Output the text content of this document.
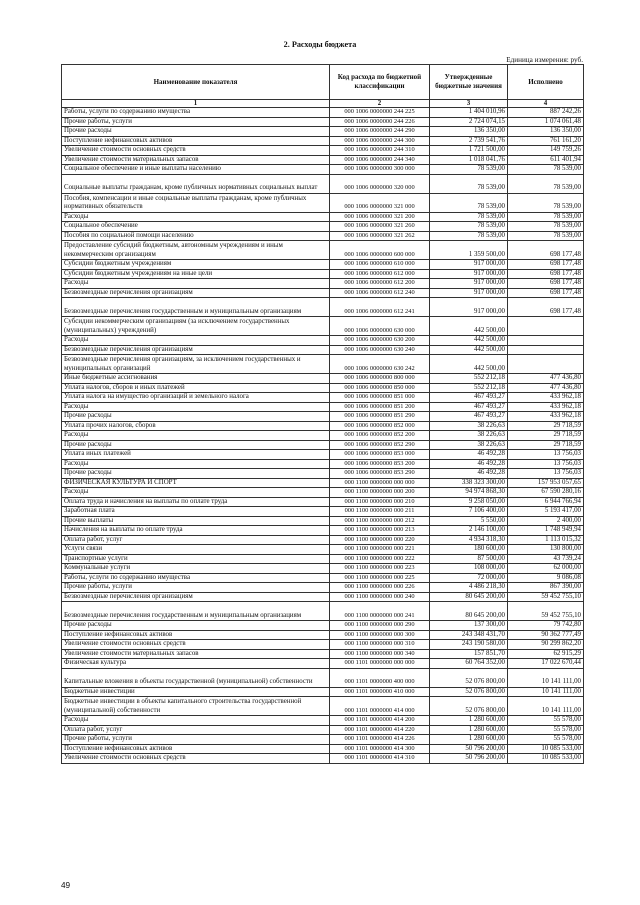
2. Расходы бюджета
Единица измерения: руб.
Наименование показателя	Код расхода по бюджетной классификации	Утвержденные бюджетные значения	Исполнено
1	2	3	4
Работы, услуги по содержанию имущества	000 1006 0000000 244 225	1 404 010,96	887 242,26
Прочие работы, услуги	000 1006 0000000 244 226	2 724 074,15	1 074 061,48
Прочие расходы	000 1006 0000000 244 290	136 350,00	136 350,00
Поступление нефинансовых активов	000 1006 0000000 244 300	2 739 541,76	761 161,20
Увеличение стоимости основных средств	000 1006 0000000 244 310	1 721 500,00	149 759,26
Увеличение стоимости материальных запасов	000 1006 0000000 244 340	1 018 041,76	611 401,94
Социальное обеспечение и иные выплаты населению	000 1006 0000000 300 000	78 539,00	78 539,00
Социальные выплаты гражданам, кроме публичных нормативных социальных выплат	000 1006 0000000 320 000	78 539,00	78 539,00
Пособия, компенсации и иные социальные выплаты гражданам, кроме публичных нормативных обязательств	000 1006 0000000 321 000	78 539,00	78 539,00
Расходы	000 1006 0000000 321 200	78 539,00	78 539,00
Социальное обеспечение	000 1006 0000000 321 260	78 539,00	78 539,00
Пособия по социальной помощи населению	000 1006 0000000 321 262	78 539,00	78 539,00
Предоставление субсидий бюджетным, автономным учреждениям и иным некоммерческим организациям	000 1006 0000000 600 000	1 359 500,00	698 177,48
Субсидии бюджетным учреждениям	000 1006 0000000 610 000	917 000,00	698 177,48
Субсидии бюджетным учреждениям на иные цели	000 1006 0000000 612 000	917 000,00	698 177,48
Расходы	000 1006 0000000 612 200	917 000,00	698 177,48
Безвозмездные перечисления организациям	000 1006 0000000 612 240	917 000,00	698 177,48
Безвозмездные перечисления государственным и муниципальным организациям	000 1006 0000000 612 241	917 000,00	698 177,48
Субсидии некоммерческим организациям (за исключением государственных (муниципальных) учреждений)	000 1006 0000000 630 000	442 500,00	
Расходы	000 1006 0000000 630 200	442 500,00	
Безвозмездные перечисления организациям	000 1006 0000000 630 240	442 500,00	
Безвозмездные перечисления организациям, за исключением государственных и муниципальных организаций	000 1006 0000000 630 242	442 500,00	
Иные бюджетные ассигнования	000 1006 0000000 800 000	552 212,18	477 436,80
Уплата налогов, сборов и иных платежей	000 1006 0000000 850 000	552 212,18	477 436,80
Уплата налога на имущество организаций и земельного налога	000 1006 0000000 851 000	467 493,27	433 962,18
Расходы	000 1006 0000000 851 200	467 493,27	433 962,18
Прочие расходы	000 1006 0000000 851 290	467 493,27	433 962,18
Уплата прочих налогов, сборов	000 1006 0000000 852 000	38 226,63	29 718,59
Расходы	000 1006 0000000 852 200	38 226,63	29 718,59
Прочие расходы	000 1006 0000000 852 290	38 226,63	29 718,59
Уплата иных платежей	000 1006 0000000 853 000	46 492,28	13 756,03
Расходы	000 1006 0000000 853 200	46 492,28	13 756,03
Прочие расходы	000 1006 0000000 853 290	46 492,28	13 756,03
ФИЗИЧЕСКАЯ КУЛЬТУРА И СПОРТ	000 1100 0000000 000 000	338 323 300,00	157 953 057,65
Расходы	000 1100 0000000 000 200	94 974 868,30	67 590 280,16
Оплата труда и начисления на выплаты по оплате труда	000 1100 0000000 000 210	9 258 050,00	6 944 766,94
Заработная плата	000 1100 0000000 000 211	7 106 400,00	5 193 417,00
Прочие выплаты	000 1100 0000000 000 212	5 550,00	2 400,00
Начисления на выплаты по оплате труда	000 1100 0000000 000 213	2 146 100,00	1 748 949,94
Оплата работ, услуг	000 1100 0000000 000 220	4 934 318,30	1 113 015,32
Услуги связи	000 1100 0000000 000 221	180 600,00	130 800,00
Транспортные услуги	000 1100 0000000 000 222	87 500,00	43 739,24
Коммунальные услуги	000 1100 0000000 000 223	108 000,00	62 000,00
Работы, услуги по содержанию имущества	000 1100 0000000 000 225	72 000,00	9 086,08
Прочие работы, услуги	000 1100 0000000 000 226	4 486 218,30	867 390,00
Безвозмездные перечисления организациям	000 1100 0000000 000 240	80 645 200,00	59 452 755,10
Безвозмездные перечисления государственным и муниципальным организациям	000 1100 0000000 000 241	80 645 200,00	59 452 755,10
Прочие расходы	000 1100 0000000 000 290	137 300,00	79 742,80
Поступление нефинансовых активов	000 1100 0000000 000 300	243 348 431,70	90 362 777,49
Увеличение стоимости основных средств	000 1100 0000000 000 310	243 190 580,00	90 299 862,20
Увеличение стоимости материальных запасов	000 1100 0000000 000 340	157 851,70	62 915,29
Физическая культура	000 1101 0000000 000 000	60 764 352,00	17 022 670,44
Капитальные вложения в объекты государственной (муниципальной) собственности	000 1101 0000000 400 000	52 076 800,00	10 141 111,00
Бюджетные инвестиции	000 1101 0000000 410 000	52 076 800,00	10 141 111,00
Бюджетные инвестиции в объекты капитального строительства государственной (муниципальной) собственности	000 1101 0000000 414 000	52 076 800,00	10 141 111,00
Расходы	000 1101 0000000 414 200	1 280 600,00	55 578,00
Оплата работ, услуг	000 1101 0000000 414 220	1 280 600,00	55 578,00
Прочие работы, услуги	000 1101 0000000 414 226	1 280 600,00	55 578,00
Поступление нефинансовых активов	000 1101 0000000 414 300	50 796 200,00	10 085 533,00
Увеличение стоимости основных средств	000 1101 0000000 414 310	50 796 200,00	10 085 533,00
49
